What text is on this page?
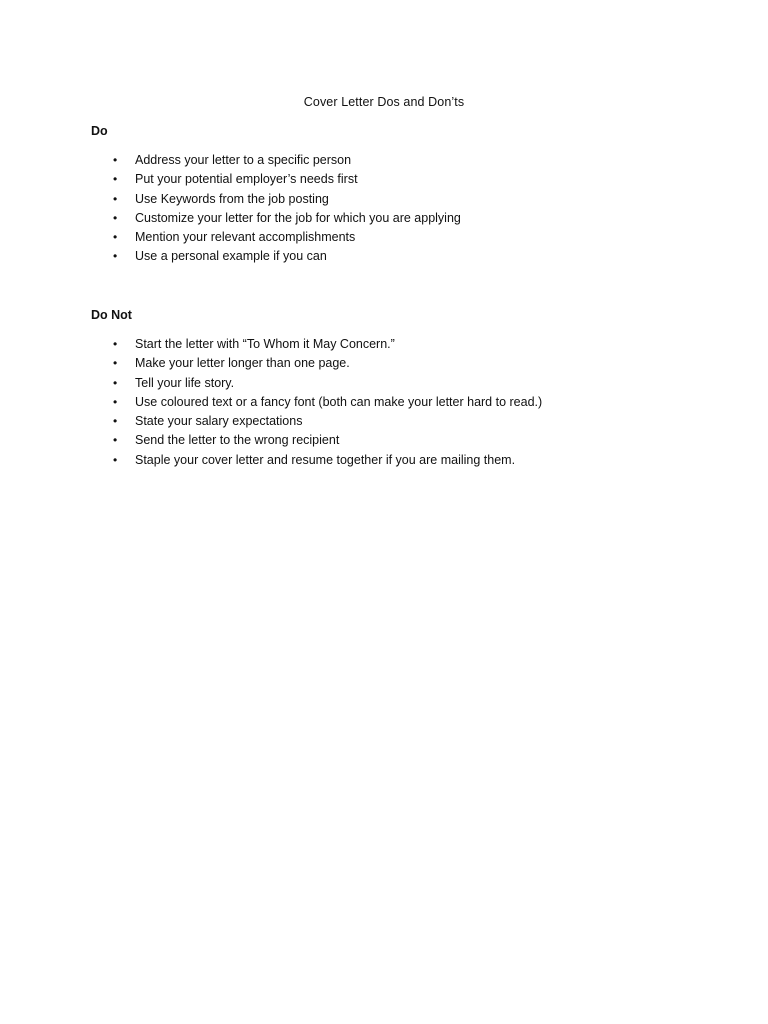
Cover Letter Dos and Don’ts
Do
• Address your letter to a specific person
• Put your potential employer’s needs first
• Use Keywords from the job posting
• Customize your letter for the job for which you are applying
• Mention your relevant accomplishments
• Use a personal example if you can
Do Not
• Start the letter with “To Whom it May Concern.”
• Make your letter longer than one page.
• Tell your life story.
• Use coloured text or a fancy font (both can make your letter hard to read.)
• State your salary expectations
• Send the letter to the wrong recipient
• Staple your cover letter and resume together if you are mailing them.
